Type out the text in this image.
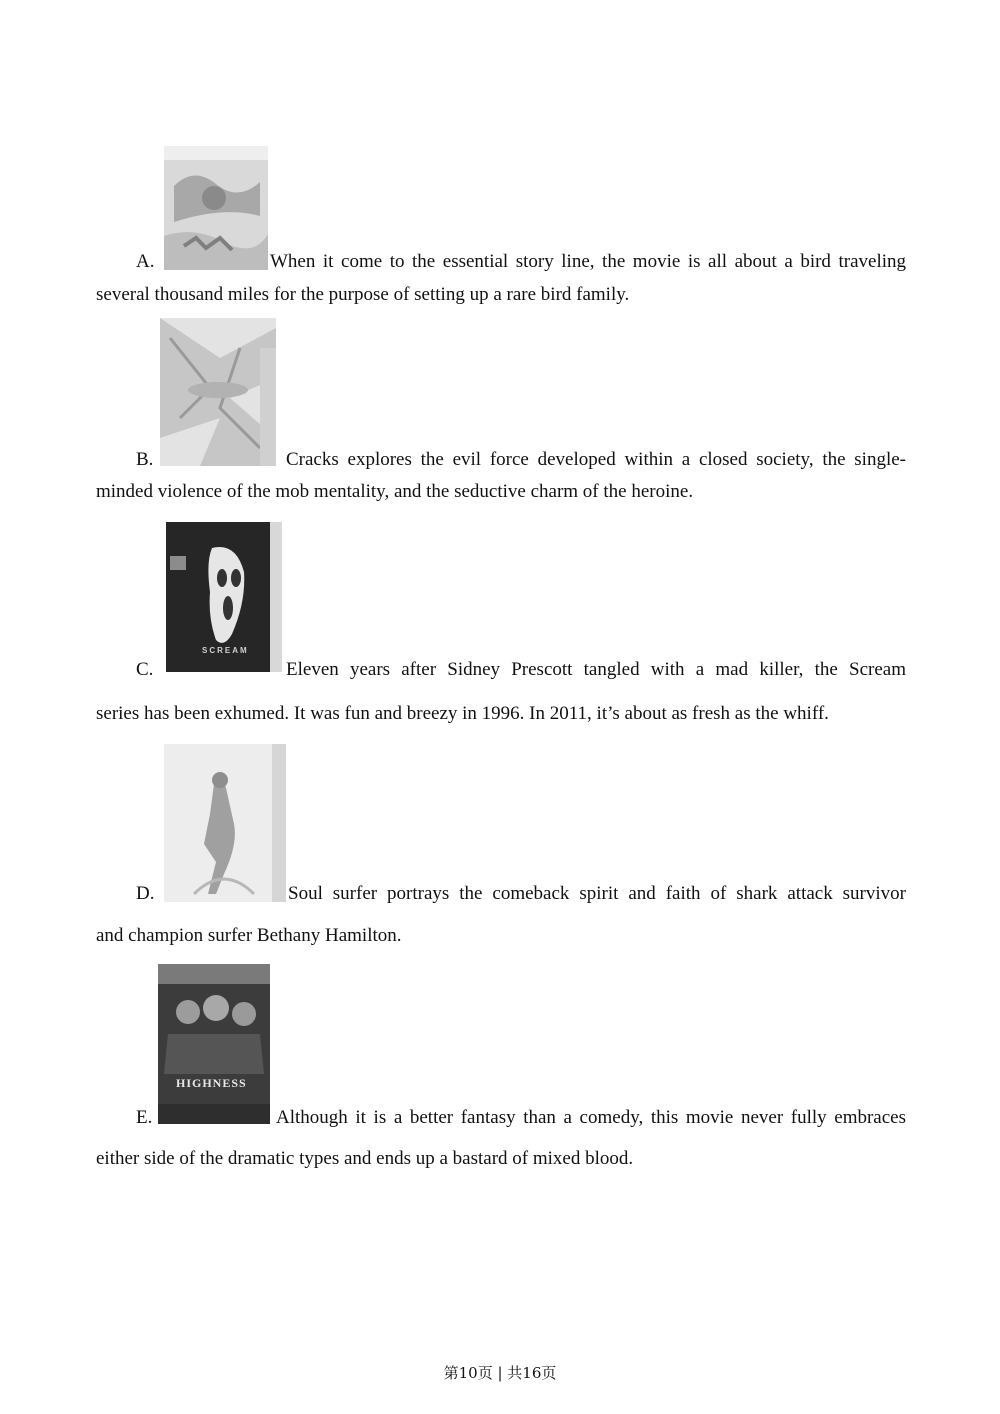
A.	When it come to the essential story line, the movie is all about a bird traveling
several thousand miles for the purpose of setting up a rare bird family.
B.	Cracks explores the evil force developed within a closed society, the single-
minded violence of the mob mentality, and the seductive charm of the heroine.
SCREAM
C.	Eleven years after Sidney Prescott tangled with a mad killer, the Scream
series has been exhumed. It was fun and breezy in 1996. In 2011, it’s about as fresh as the whiff.
D.	Soul surfer portrays the comeback spirit and faith of shark attack survivor
and champion surfer Bethany Hamilton.
HIGHNESS
E.	Although it is a better fantasy than a comedy, this movie never fully embraces
either side of the dramatic types and ends up a bastard of mixed blood.
第10页 | 共16页
